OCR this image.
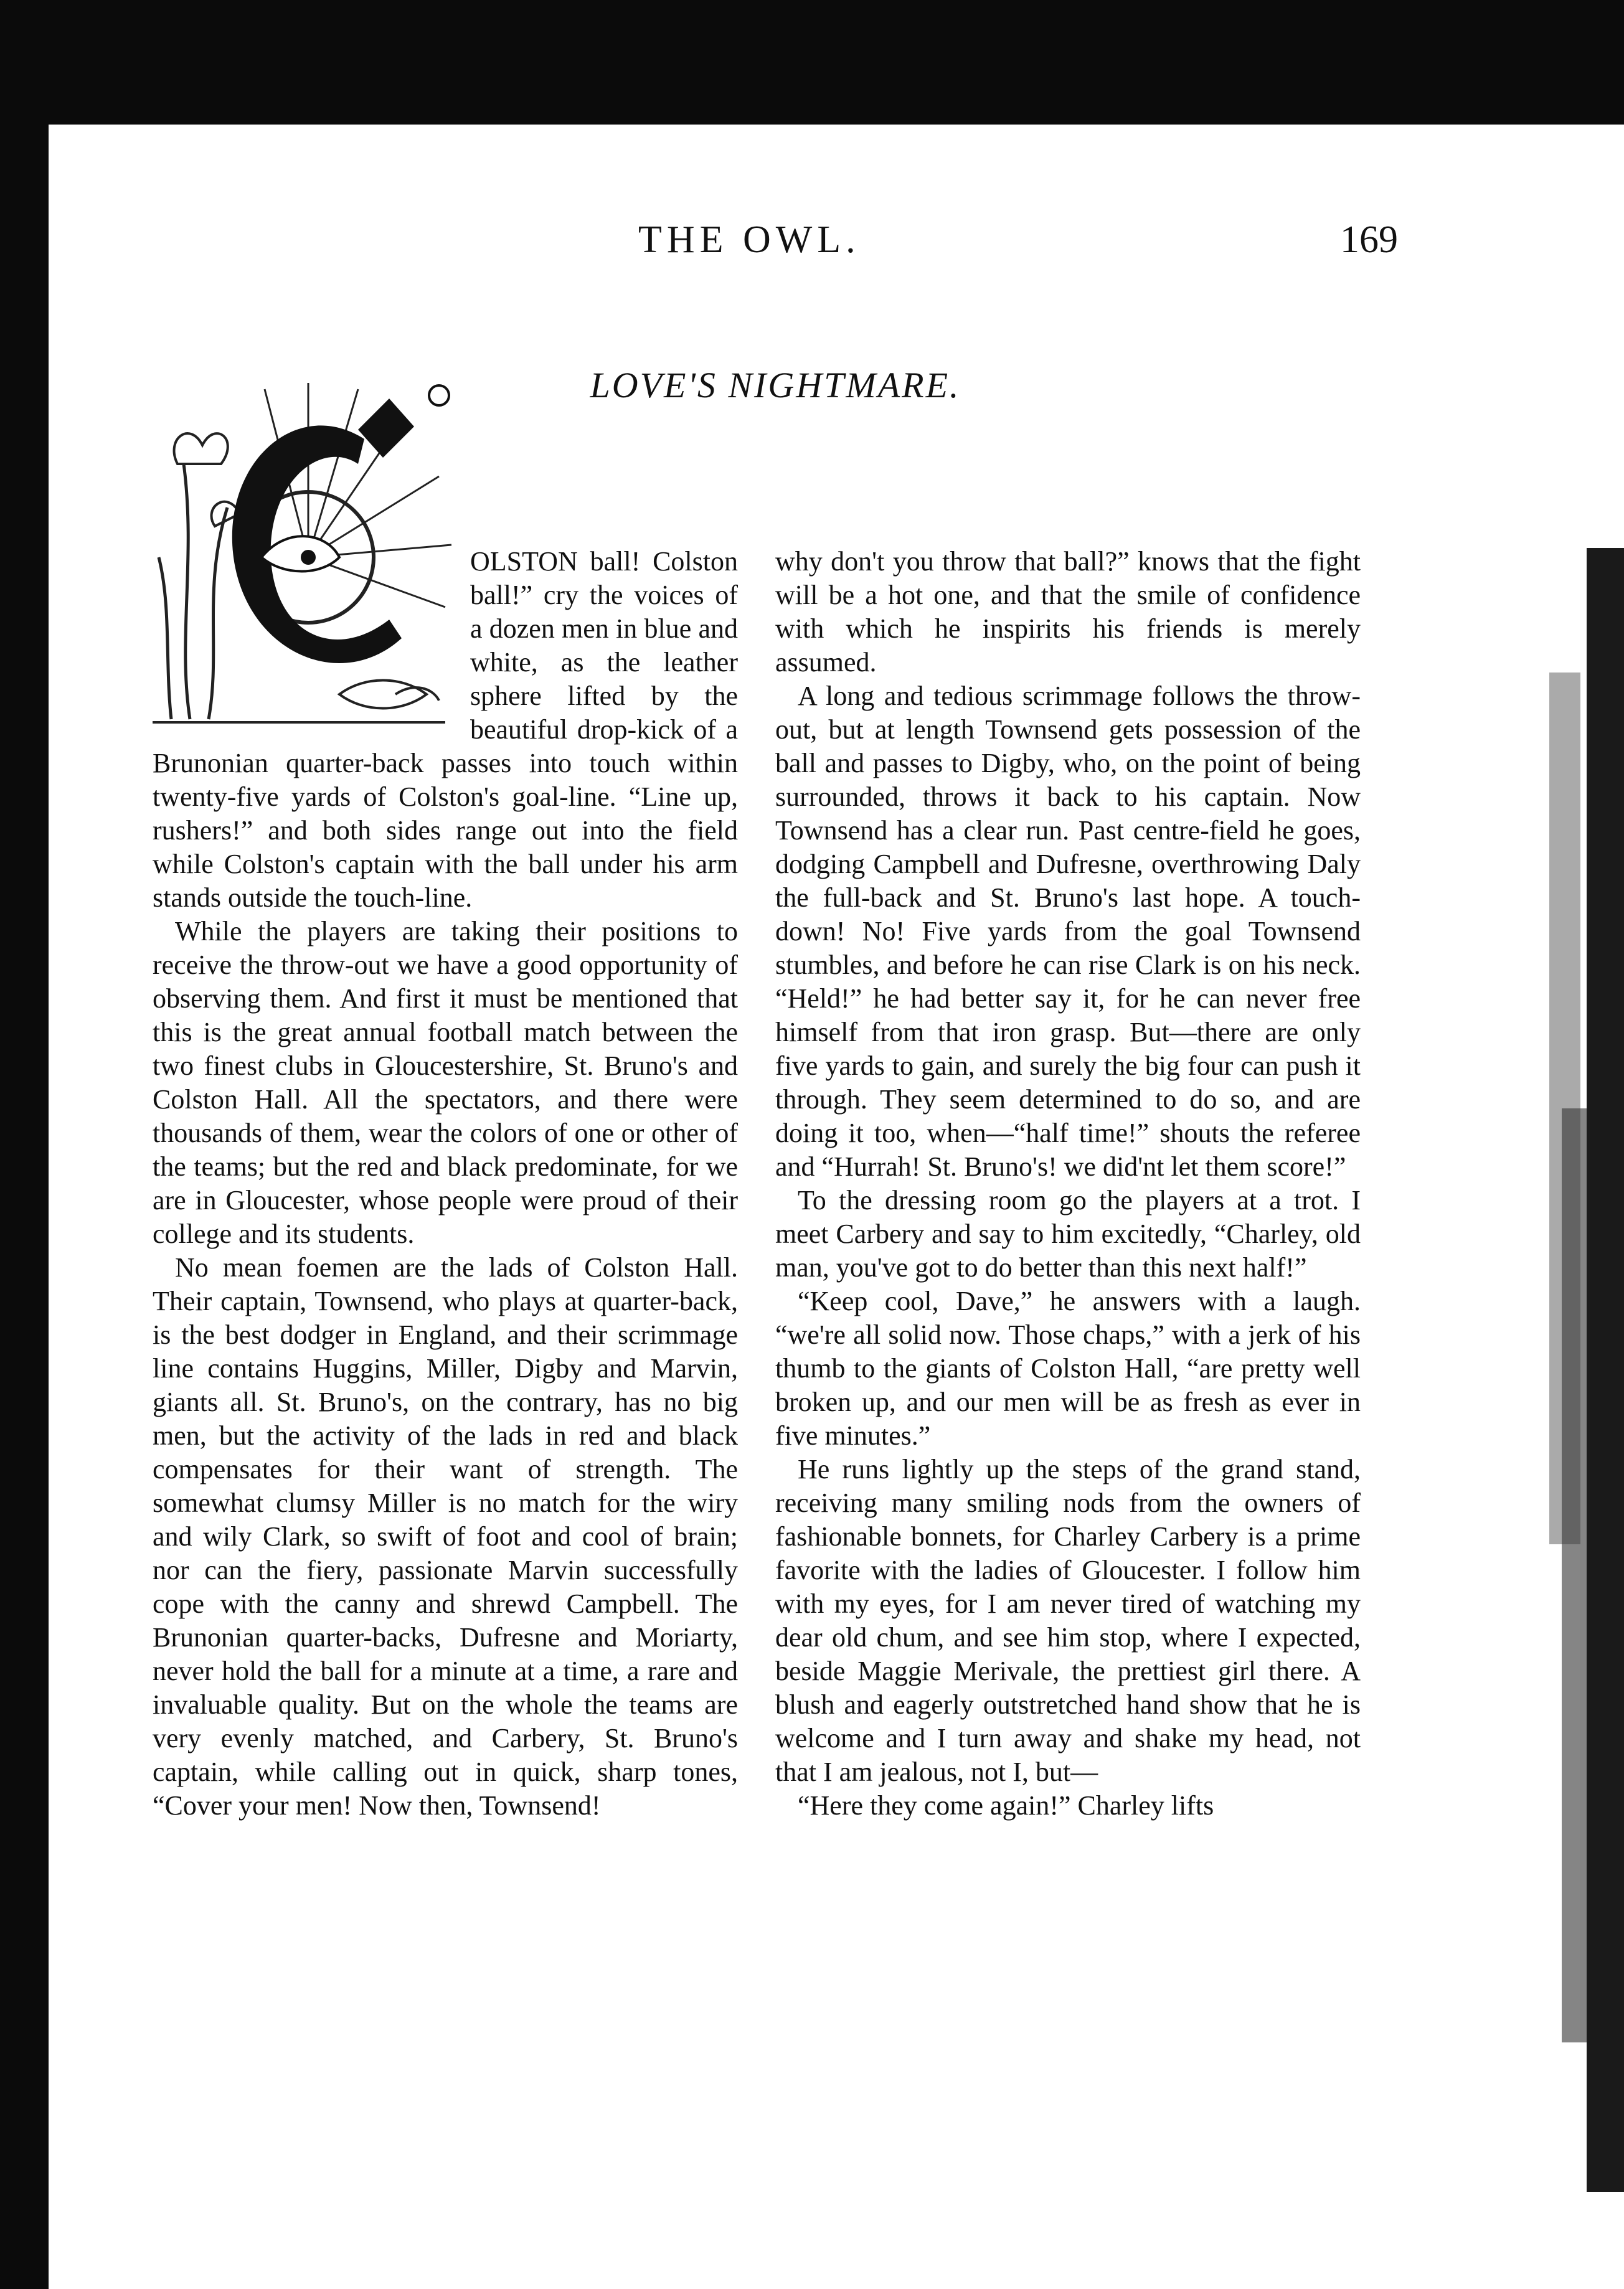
THE OWL.	169
LOVE'S NIGHTMARE.

OLSTON ball! Colston ball!” cry the voices of a dozen men in blue and white, as the leather sphere lifted by the beautiful drop-kick of a Brunonian quarter-back passes into touch within twenty-five yards of Colston's goal-line. “Line up, rushers!” and both sides range out into the field while Colston's captain with the ball under his arm stands outside the touch-line.

While the players are taking their positions to receive the throw-out we have a good opportunity of observing them. And first it must be mentioned that this is the great annual football match between the two finest clubs in Gloucestershire, St. Bruno's and Colston Hall. All the spectators, and there were thousands of them, wear the colors of one or other of the teams; but the red and black predominate, for we are in Gloucester, whose people were proud of their college and its students.

No mean foemen are the lads of Colston Hall. Their captain, Townsend, who plays at quarter-back, is the best dodger in England, and their scrimmage line contains Huggins, Miller, Digby and Marvin, giants all. St. Bruno's, on the contrary, has no big men, but the activity of the lads in red and black compensates for their want of strength. The somewhat clumsy Miller is no match for the wiry and wily Clark, so swift of foot and cool of brain; nor can the fiery, passionate Marvin successfully cope with the canny and shrewd Campbell. The Brunonian quarter-backs, Dufresne and Moriarty, never hold the ball for a minute at a time, a rare and invaluable quality. But on the whole the teams are very evenly matched, and Carbery, St. Bruno's captain, while calling out in quick, sharp tones, “Cover your men! Now then, Townsend!

why don't you throw that ball?” knows that the fight will be a hot one, and that the smile of confidence with which he inspirits his friends is merely assumed.

A long and tedious scrimmage follows the throw-out, but at length Townsend gets possession of the ball and passes to Digby, who, on the point of being surrounded, throws it back to his captain. Now Townsend has a clear run. Past centre-field he goes, dodging Campbell and Dufresne, overthrowing Daly the full-back and St. Bruno's last hope. A touch-down! No! Five yards from the goal Townsend stumbles, and before he can rise Clark is on his neck. “Held!” he had better say it, for he can never free himself from that iron grasp. But—there are only five yards to gain, and surely the big four can push it through. They seem determined to do so, and are doing it too, when—“half time!” shouts the referee and “Hurrah! St. Bruno's! we did'nt let them score!”

To the dressing room go the players at a trot. I meet Carbery and say to him excitedly, “Charley, old man, you've got to do better than this next half!”

“Keep cool, Dave,” he answers with a laugh. “we're all solid now. Those chaps,” with a jerk of his thumb to the giants of Colston Hall, “are pretty well broken up, and our men will be as fresh as ever in five minutes.”

He runs lightly up the steps of the grand stand, receiving many smiling nods from the owners of fashionable bonnets, for Charley Carbery is a prime favorite with the ladies of Gloucester. I follow him with my eyes, for I am never tired of watching my dear old chum, and see him stop, where I expected, beside Maggie Merivale, the prettiest girl there. A blush and eagerly outstretched hand show that he is welcome and I turn away and shake my head, not that I am jealous, not I, but—

“Here they come again!” Charley lifts
